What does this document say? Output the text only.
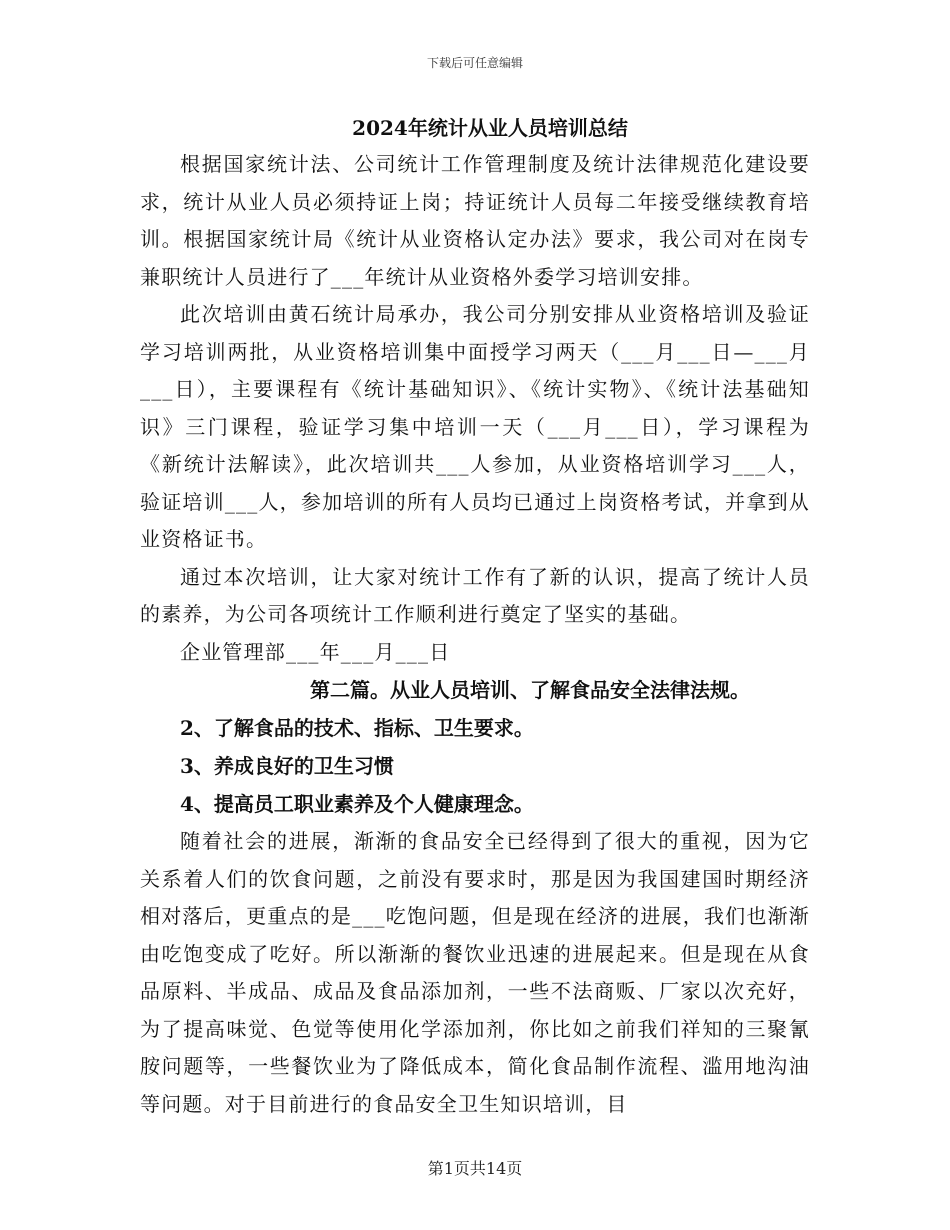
下载后可任意编辑
2024年统计从业人员培训总结

根据国家统计法、公司统计工作管理制度及统计法律规范化建设要求，统计从业人员必须持证上岗；持证统计人员每二年接受继续教育培训。根据国家统计局《统计从业资格认定办法》要求，我公司对在岗专兼职统计人员进行了___年统计从业资格外委学习培训安排。

此次培训由黄石统计局承办，我公司分别安排从业资格培训及验证学习培训两批，从业资格培训集中面授学习两天（___月___日—___月___日），主要课程有《统计基础知识》、《统计实物》、《统计法基础知识》三门课程，验证学习集中培训一天（___月___日），学习课程为《新统计法解读》，此次培训共___人参加，从业资格培训学习___人，验证培训___人，参加培训的所有人员均已通过上岗资格考试，并拿到从业资格证书。

通过本次培训，让大家对统计工作有了新的认识，提高了统计人员的素养，为公司各项统计工作顺利进行奠定了坚实的基础。

企业管理部___年___月___日

第二篇。从业人员培训、了解食品安全法律法规。

2、了解食品的技术、指标、卫生要求。

3、养成良好的卫生习惯

4、提高员工职业素养及个人健康理念。

随着社会的进展，渐渐的食品安全已经得到了很大的重视，因为它关系着人们的饮食问题，之前没有要求时，那是因为我国建国时期经济相对落后，更重点的是___吃饱问题，但是现在经济的进展，我们也渐渐由吃饱变成了吃好。所以渐渐的餐饮业迅速的进展起来。但是现在从食品原料、半成品、成品及食品添加剂，一些不法商贩、厂家以次充好，为了提高味觉、色觉等使用化学添加剂，你比如之前我们祥知的三聚氰胺问题等，一些餐饮业为了降低成本，简化食品制作流程、滥用地沟油等问题。对于目前进行的食品安全卫生知识培训，目

第1页共14页
